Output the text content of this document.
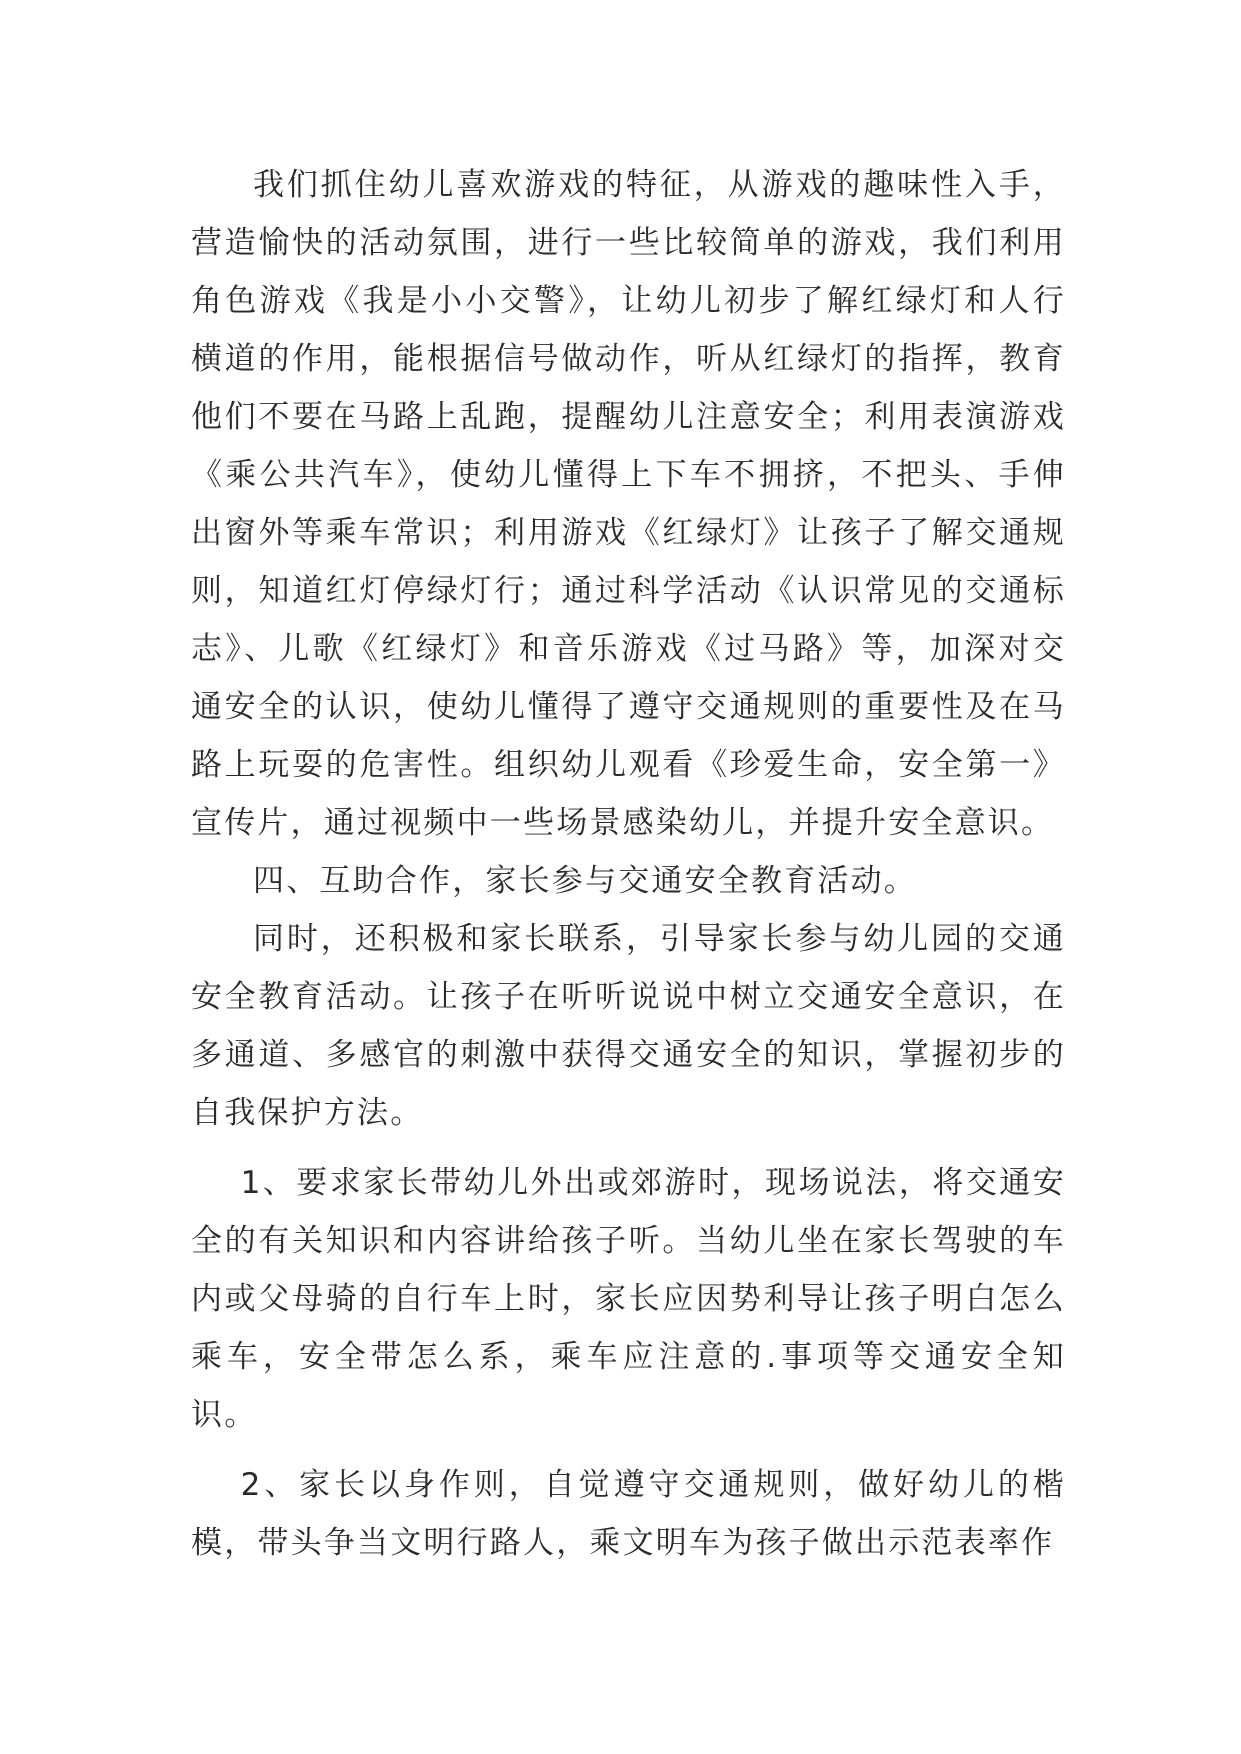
我们抓住幼儿喜欢游戏的特征，从游戏的趣味性入手，营造愉快的活动氛围，进行一些比较简单的游戏，我们利用角色游戏《我是小小交警》，让幼儿初步了解红绿灯和人行横道的作用，能根据信号做动作，听从红绿灯的指挥，教育他们不要在马路上乱跑，提醒幼儿注意安全；利用表演游戏《乘公共汽车》，使幼儿懂得上下车不拥挤，不把头、手伸出窗外等乘车常识；利用游戏《红绿灯》让孩子了解交通规则，知道红灯停绿灯行；通过科学活动《认识常见的交通标志》、儿歌《红绿灯》和音乐游戏《过马路》等，加深对交通安全的认识，使幼儿懂得了遵守交通规则的重要性及在马路上玩耍的危害性。组织幼儿观看《珍爱生命，安全第一》宣传片，通过视频中一些场景感染幼儿，并提升安全意识。

四、互助合作，家长参与交通安全教育活动。

同时，还积极和家长联系，引导家长参与幼儿园的交通安全教育活动。让孩子在听听说说中树立交通安全意识，在多通道、多感官的刺激中获得交通安全的知识，掌握初步的自我保护方法。

1、要求家长带幼儿外出或郊游时，现场说法，将交通安全的有关知识和内容讲给孩子听。当幼儿坐在家长驾驶的车内或父母骑的自行车上时，家长应因势利导让孩子明白怎么乘车，安全带怎么系，乘车应注意的.事项等交通安全知识。

2、家长以身作则，自觉遵守交通规则，做好幼儿的楷模，带头争当文明行路人，乘文明车为孩子做出示范表率作
